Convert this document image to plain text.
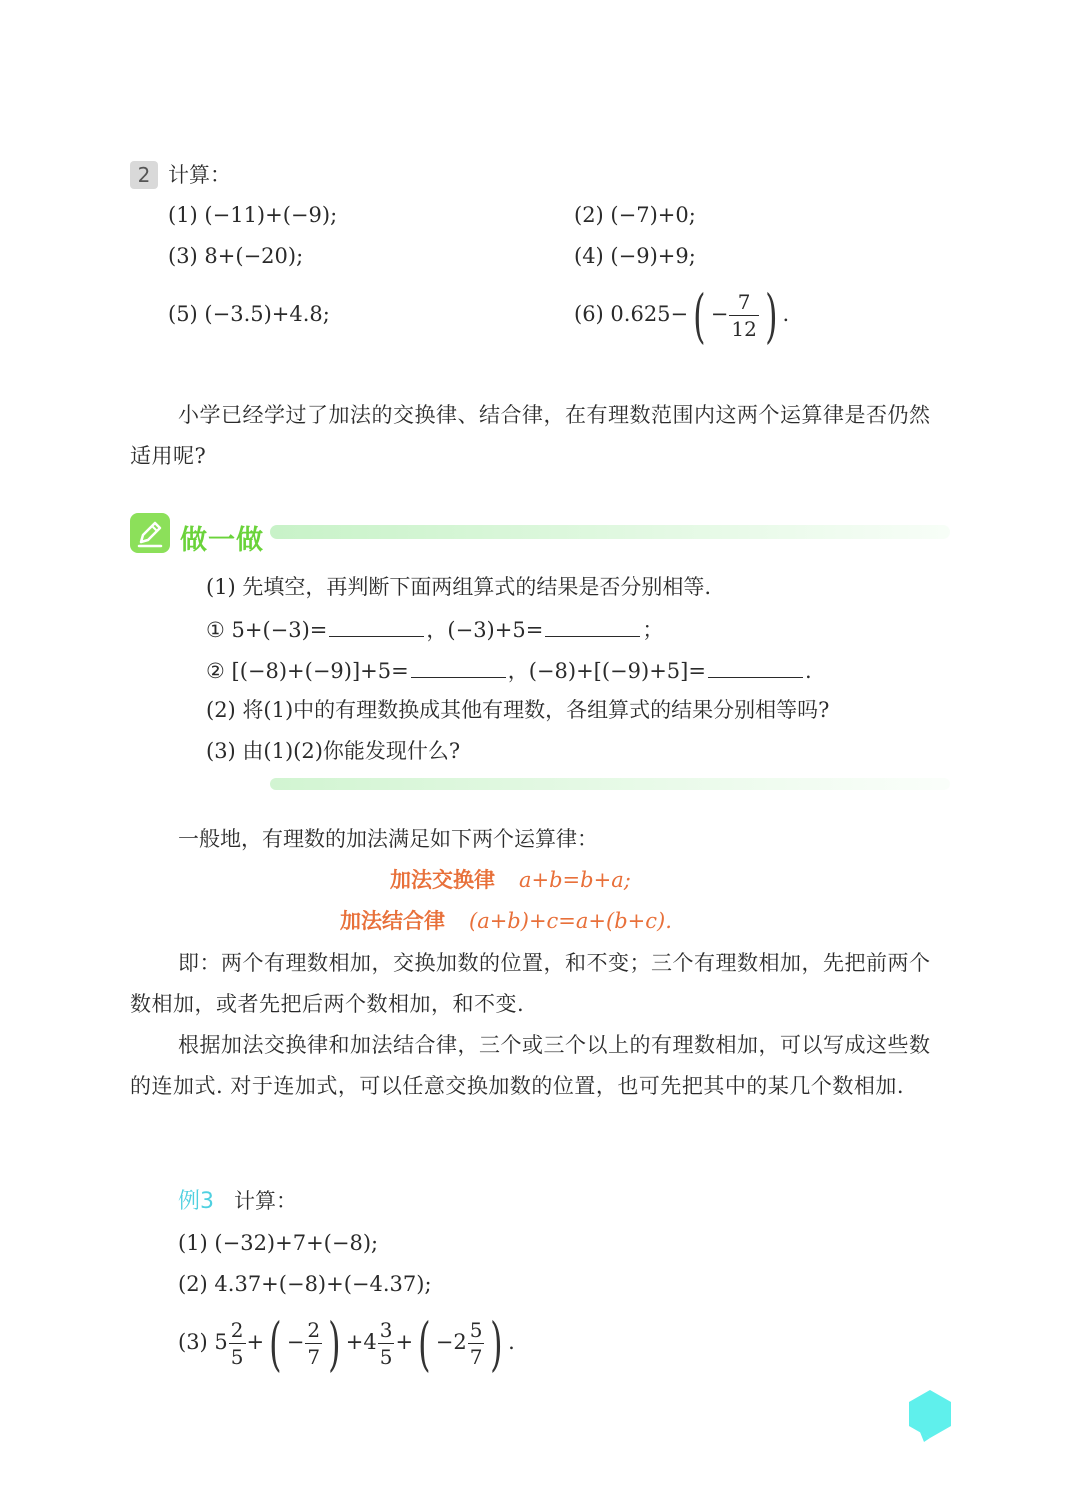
2 计算：
(1) (−11)+(−9);	(2) (−7)+0;
(3) 8+(−20);	(4) (−9)+9;
(5) (−3.5)+4.8;	(6) $0.625-( - \frac{7}{12}$ ) .
小学已经学过了加法的交换律、结合律，在有理数范围内这两个运算律是否仍然适用呢?
做一做
(1) 先填空，再判断下面两组算式的结果是否分别相等.
① 5+(−3)=	，(−3)+5=	；
② [(−8)+(−9)]+5=	，(−8)+[(−9)+5]=	.
(2) 将(1)中的有理数换成其他有理数，各组算式的结果分别相等吗?
(3) 由(1)(2)你能发现什么?
一般地，有理数的加法满足如下两个运算律：
加法交换律 a+b=b+a;
加法结合律 (a+b)+c=a+(b+c).
即：两个有理数相加，交换加数的位置，和不变；三个有理数相加，先把前两个数相加，或者先把后两个数相加，和不变.
根据加法交换律和加法结合律，三个或三个以上的有理数相加，可以写成这些数的连加式. 对于连加式，可以任意交换加数的位置，也可先把其中的某几个数相加.
例3 计算：
(1) (−32)+7+(−8);
(2) 4.37+(−8)+(−4.37);
(3) $5 \frac{2}{5}$ +( − $\frac{2}{7}$ ) $+4 \frac{3}{5}$ +( $-2 \frac{5}{7}$ ) .
